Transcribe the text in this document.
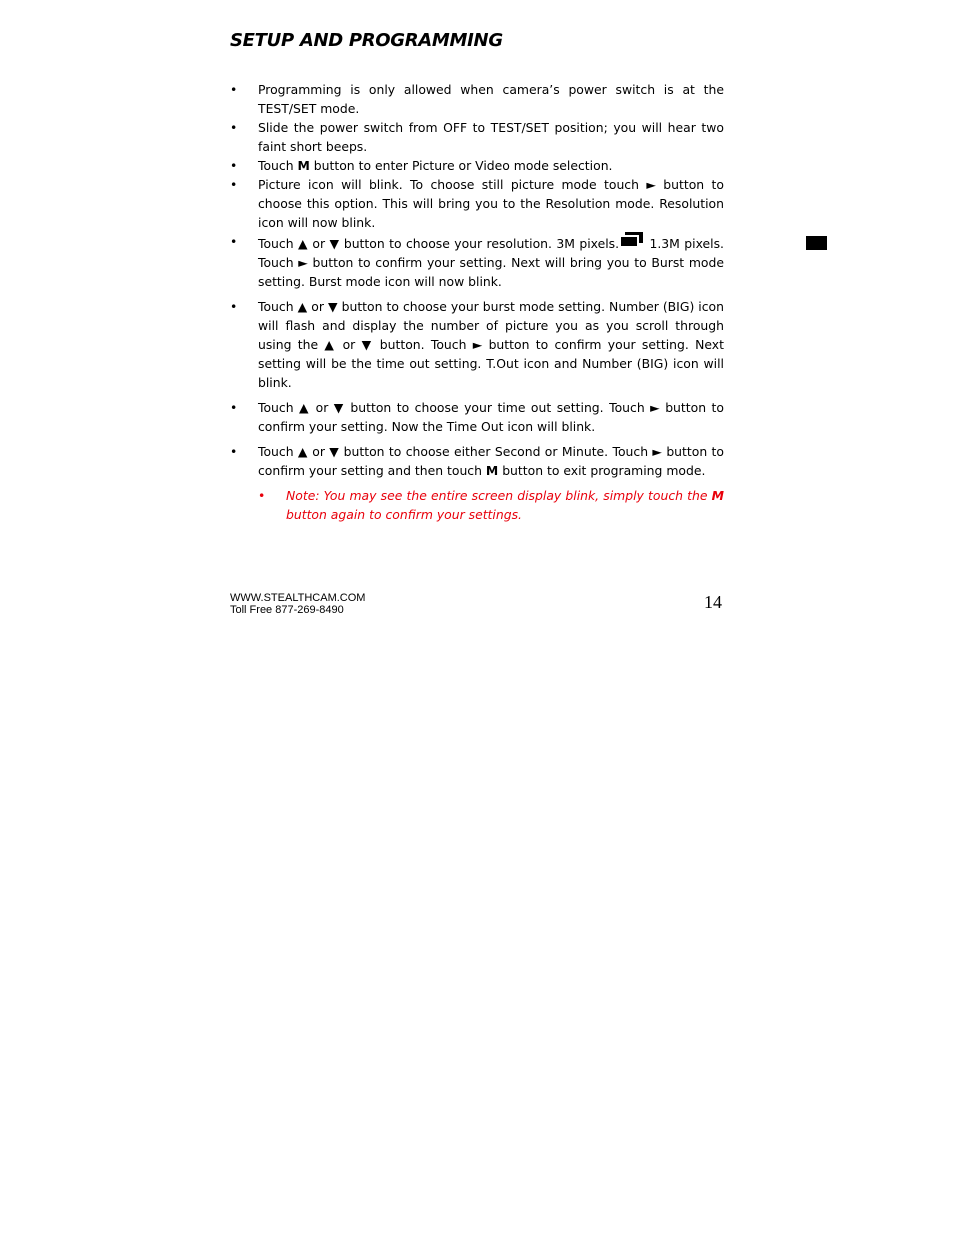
SETUP AND PROGRAMMING
• Programming is only allowed when camera’s power switch is at the TEST/SET mode.
• Slide the power switch from OFF to TEST/SET position; you will hear two faint short beeps.
• Touch M button to enter Picture or Video mode selection.
• Picture icon will blink. To choose still picture mode touch ► button to choose this option. This will bring you to the Resolution mode. Resolution icon will now blink.
• Touch ▲ or ▼ button to choose your resolution. 3M pixels.
1.3M pixels. Touch ► button to confirm your setting. Next will bring you to Burst mode setting. Burst mode icon will now blink.
• Touch ▲ or ▼ button to choose your burst mode setting. Number (BIG) icon will flash and display the number of picture you as you scroll through using the ▲ or ▼ button. Touch ► button to confirm your setting. Next setting will be the time out setting. T.Out icon and Number (BIG) icon will blink.
• Touch ▲ or ▼ button to choose your time out setting. Touch ► button to confirm your setting. Now the Time Out icon will blink.
• Touch ▲ or ▼ button to choose either Second or Minute. Touch ► button to confirm your setting and then touch M button to exit programing mode.
• Note: You may see the entire screen display blink, simply touch the M button again to confirm your settings.
WWW.STEALTHCAM.COM
Toll Free 877-269-8490	14
